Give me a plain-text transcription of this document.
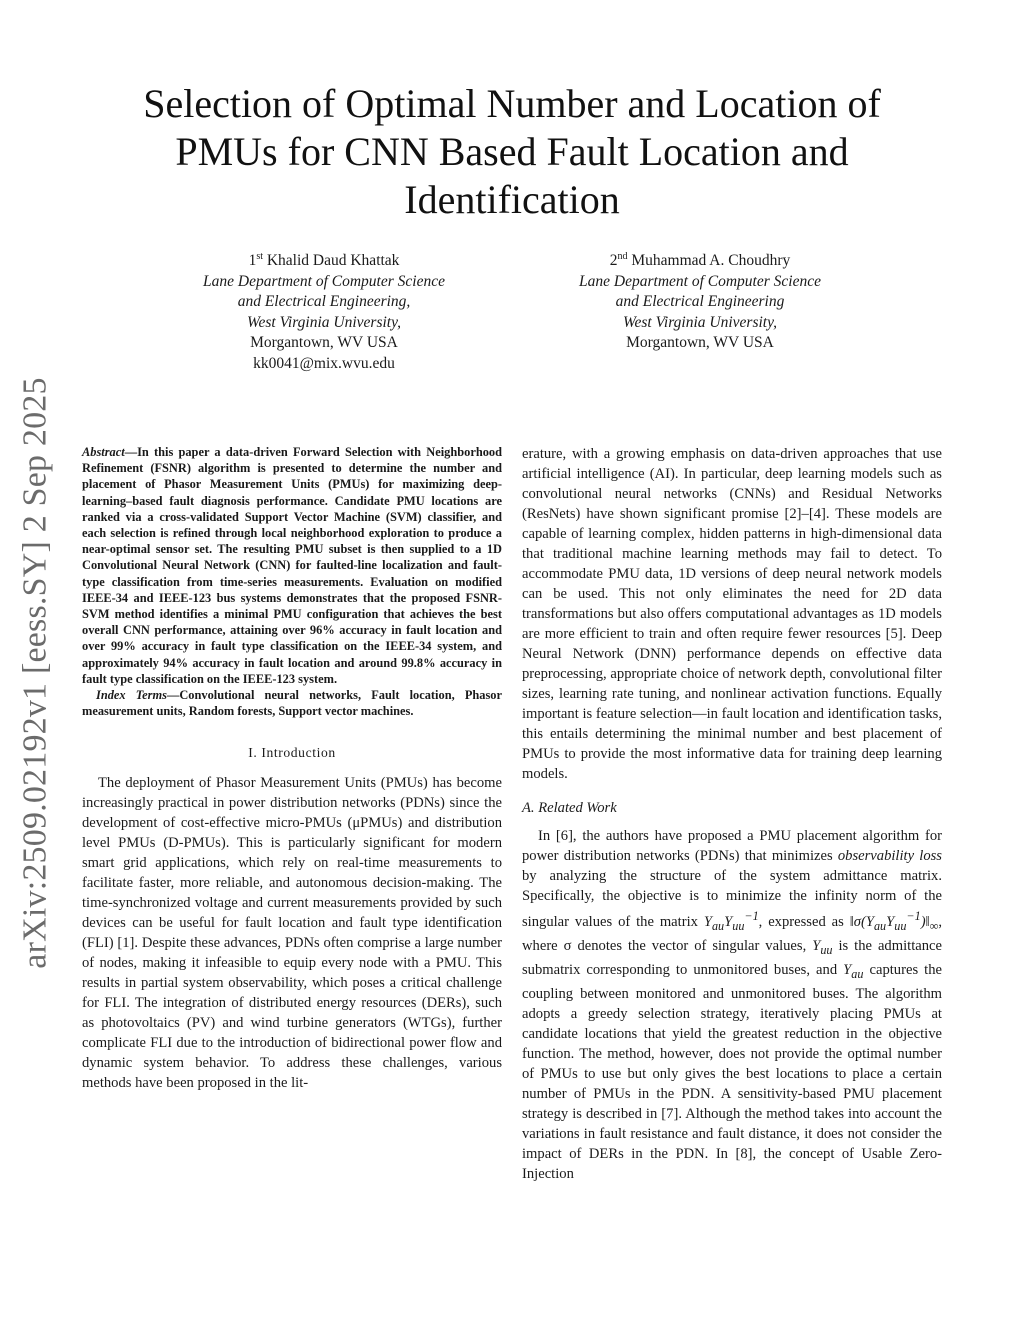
arXiv:2509.02192v1 [eess.SY] 2 Sep 2025
Selection of Optimal Number and Location of PMUs for CNN Based Fault Location and Identification
1st Khalid Daud Khattak
Lane Department of Computer Science
and Electrical Engineering,
West Virginia University,
Morgantown, WV USA
kk0041@mix.wvu.edu
2nd Muhammad A. Choudhry
Lane Department of Computer Science
and Electrical Engineering
West Virginia University,
Morgantown, WV USA

Abstract—In this paper a data-driven Forward Selection with Neighborhood Refinement (FSNR) algorithm is presented to determine the number and placement of Phasor Measurement Units (PMUs) for maximizing deep-learning–based fault diagnosis performance. Candidate PMU locations are ranked via a cross-validated Support Vector Machine (SVM) classifier, and each selection is refined through local neighborhood exploration to produce a near-optimal sensor set. The resulting PMU subset is then supplied to a 1D Convolutional Neural Network (CNN) for faulted-line localization and fault-type classification from time-series measurements. Evaluation on modified IEEE-34 and IEEE-123 bus systems demonstrates that the proposed FSNR-SVM method identifies a minimal PMU configuration that achieves the best overall CNN performance, attaining over 96% accuracy in fault location and over 99% accuracy in fault type classification on the IEEE-34 system, and approximately 94% accuracy in fault location and around 99.8% accuracy in fault type classification on the IEEE-123 system.

Index Terms—Convolutional neural networks, Fault location, Phasor measurement units, Random forests, Support vector machines.

I. Introduction

The deployment of Phasor Measurement Units (PMUs) has become increasingly practical in power distribution networks (PDNs) since the development of cost-effective micro-PMUs (μPMUs) and distribution level PMUs (D-PMUs). This is particularly significant for modern smart grid applications, which rely on real-time measurements to facilitate faster, more reliable, and autonomous decision-making. The time-synchronized voltage and current measurements provided by such devices can be useful for fault location and fault type identification (FLI) [1]. Despite these advances, PDNs often comprise a large number of nodes, making it infeasible to equip every node with a PMU. This results in partial system observability, which poses a critical challenge for FLI. The integration of distributed energy resources (DERs), such as photovoltaics (PV) and wind turbine generators (WTGs), further complicate FLI due to the introduction of bidirectional power flow and dynamic system behavior. To address these challenges, various methods have been proposed in the lit-

erature, with a growing emphasis on data-driven approaches that use artificial intelligence (AI). In particular, deep learning models such as convolutional neural networks (CNNs) and Residual Networks (ResNets) have shown significant promise [2]–[4]. These models are capable of learning complex, hidden patterns in high-dimensional data that traditional machine learning methods may fail to detect. To accommodate PMU data, 1D versions of deep neural network models can be used. This not only eliminates the need for 2D data transformations but also offers computational advantages as 1D models are more efficient to train and often require fewer resources [5]. Deep Neural Network (DNN) performance depends on effective data preprocessing, appropriate choice of network depth, convolutional filter sizes, learning rate tuning, and nonlinear activation functions. Equally important is feature selection—in fault location and identification tasks, this entails determining the minimal number and best placement of PMUs to provide the most informative data for training deep learning models.

A. Related Work

In [6], the authors have proposed a PMU placement algorithm for power distribution networks (PDNs) that minimizes observability loss by analyzing the structure of the system admittance matrix. Specifically, the objective is to minimize the infinity norm of the singular values of the matrix $Y_{au}Y_{uu}^{-1}$, expressed as $‖\sigma(Y_{au}Y_{uu}^{-1})‖_\infty$, where σ denotes the vector of singular values, $Y_{uu}$ is the admittance submatrix corresponding to unmonitored buses, and $Y_{au}$ captures the coupling between monitored and unmonitored buses. The algorithm adopts a greedy selection strategy, iteratively placing PMUs at candidate locations that yield the greatest reduction in the objective function. The method, however, does not provide the optimal number of PMUs to use but only gives the best locations to place a certain number of PMUs in the PDN. A sensitivity-based PMU placement strategy is described in [7]. Although the method takes into account the variations in fault resistance and fault distance, it does not consider the impact of DERs in the PDN. In [8], the concept of Usable Zero-Injection
